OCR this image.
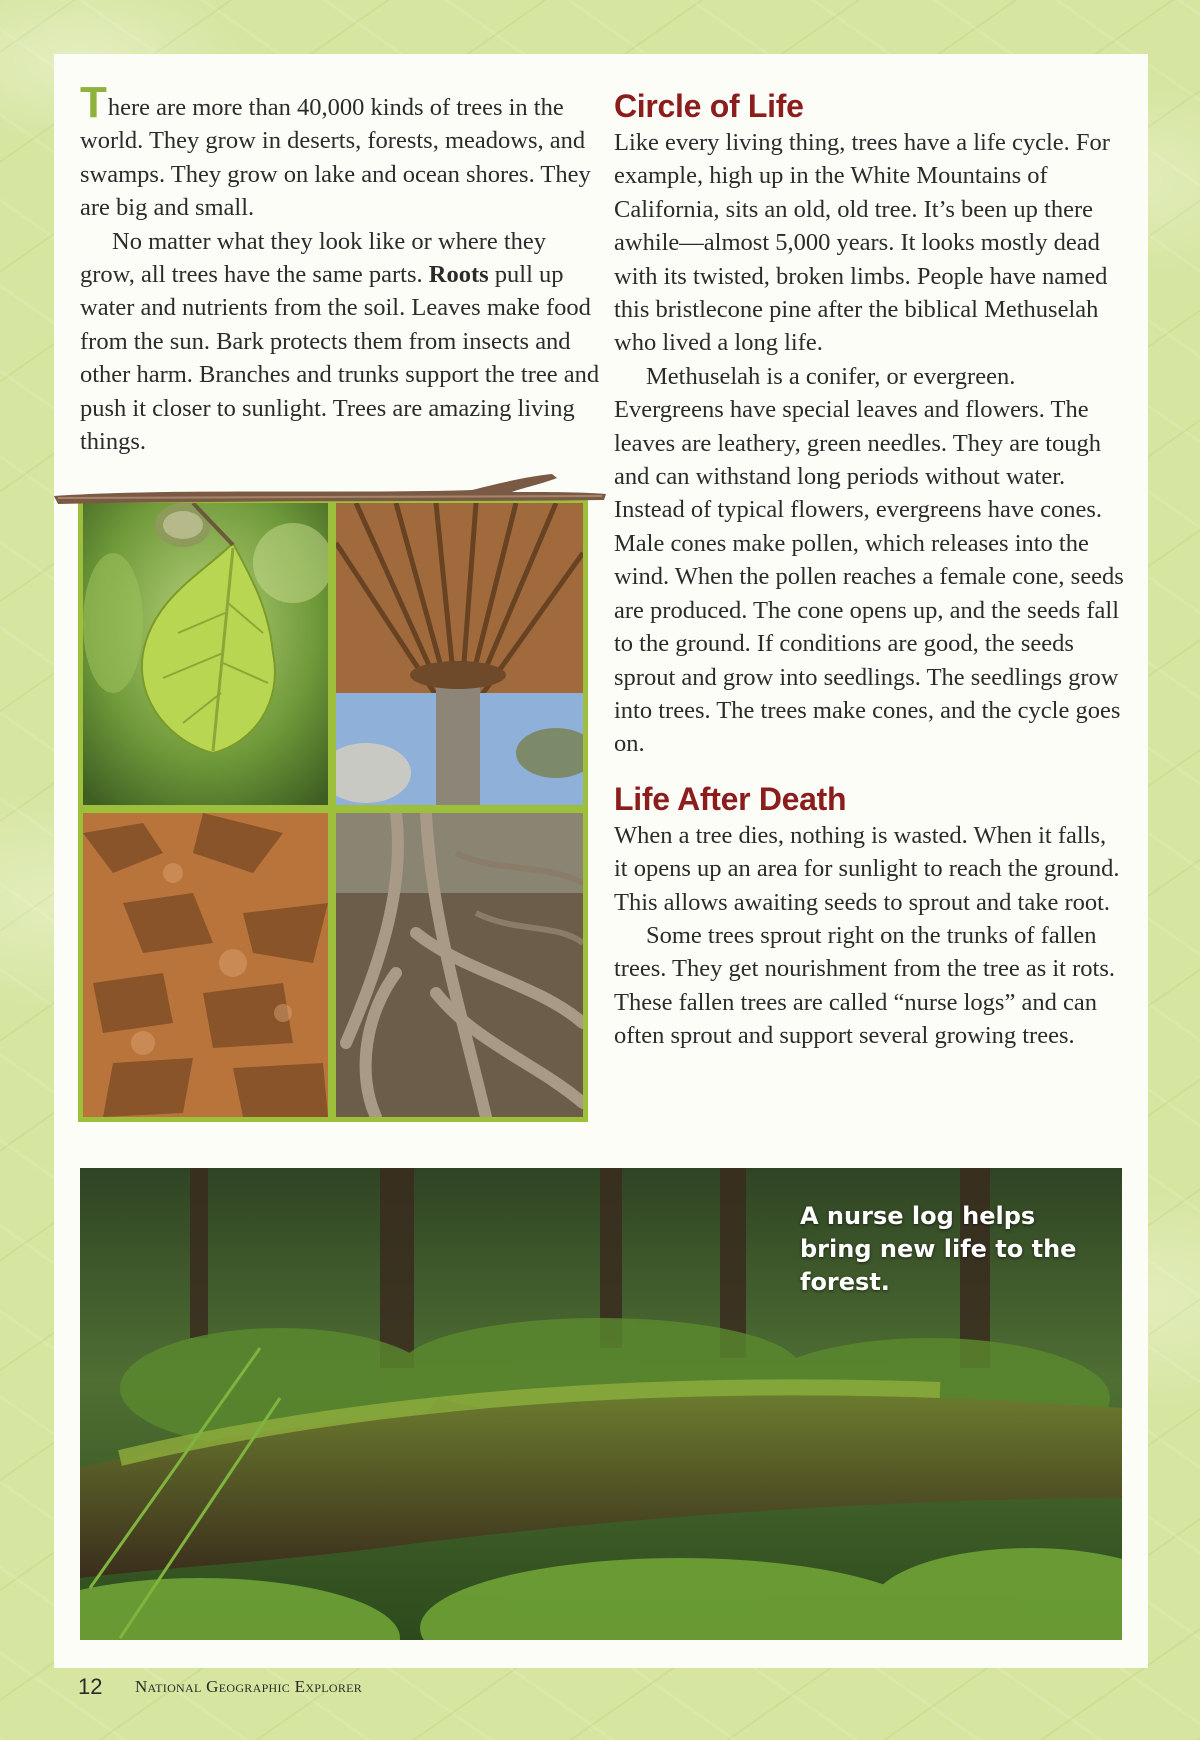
There are more than 40,000 kinds of trees in the world. They grow in deserts, forests, meadows, and swamps. They grow on lake and ocean shores. They are big and small.

No matter what they look like or where they grow, all trees have the same parts. Roots pull up water and nutrients from the soil. Leaves make food from the sun. Bark protects them from insects and other harm. Branches and trunks support the tree and push it closer to sunlight. Trees are amazing living things.

Circle of Life

Like every living thing, trees have a life cycle. For example, high up in the White Mountains of California, sits an old, old tree. It’s been up there awhile—almost 5,000 years. It looks mostly dead with its twisted, broken limbs. People have named this bristlecone pine after the biblical Methuselah who lived a long life.

Methuselah is a conifer, or evergreen. Evergreens have special leaves and flowers. The leaves are leathery, green needles. They are tough and can withstand long periods without water. Instead of typical flowers, evergreens have cones. Male cones make pollen, which releases into the wind. When the pollen reaches a female cone, seeds are produced. The cone opens up, and the seeds fall to the ground. If conditions are good, the seeds sprout and grow into seedlings. The seedlings grow into trees. The trees make cones, and the cycle goes on.

Life After Death

When a tree dies, nothing is wasted. When it falls, it opens up an area for sunlight to reach the ground. This allows awaiting seeds to sprout and take root.

Some trees sprout right on the trunks of fallen trees. They get nourishment from the tree as it rots. These fallen trees are called “nurse logs” and can often sprout and support several growing trees.

A nurse log helps bring new life to the forest.
12 National Geographic Explorer
